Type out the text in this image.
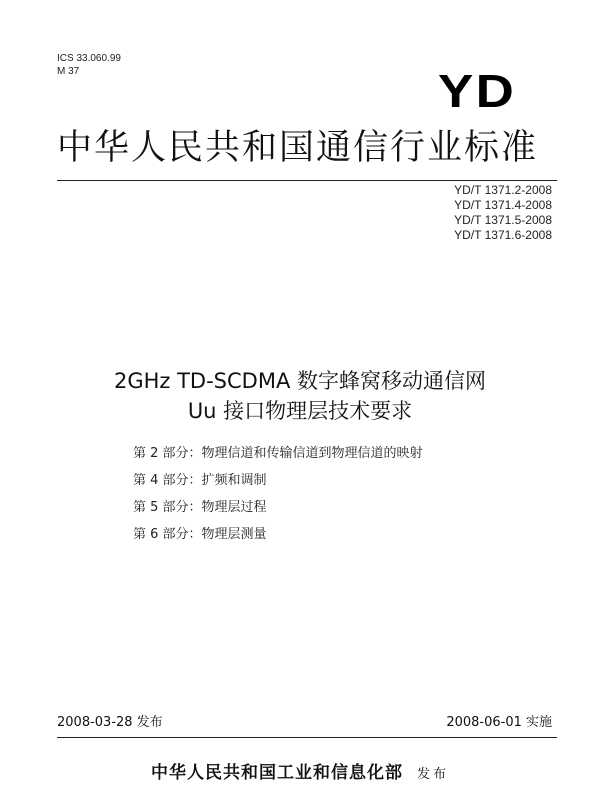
ICS 33.060.99
M 37	YD
中华人民共和国通信行业标准
YD/T 1371.2-2008
YD/T 1371.4-2008
YD/T 1371.5-2008
YD/T 1371.6-2008
2GHz TD-SCDMA 数字蜂窝移动通信网
Uu 接口物理层技术要求
第 2 部分：物理信道和传输信道到物理信道的映射
第 4 部分：扩频和调制
第 5 部分：物理层过程
第 6 部分：物理层测量
2008-03-28 发布	2008-06-01 实施
中华人民共和国工业和信息化部 发布
